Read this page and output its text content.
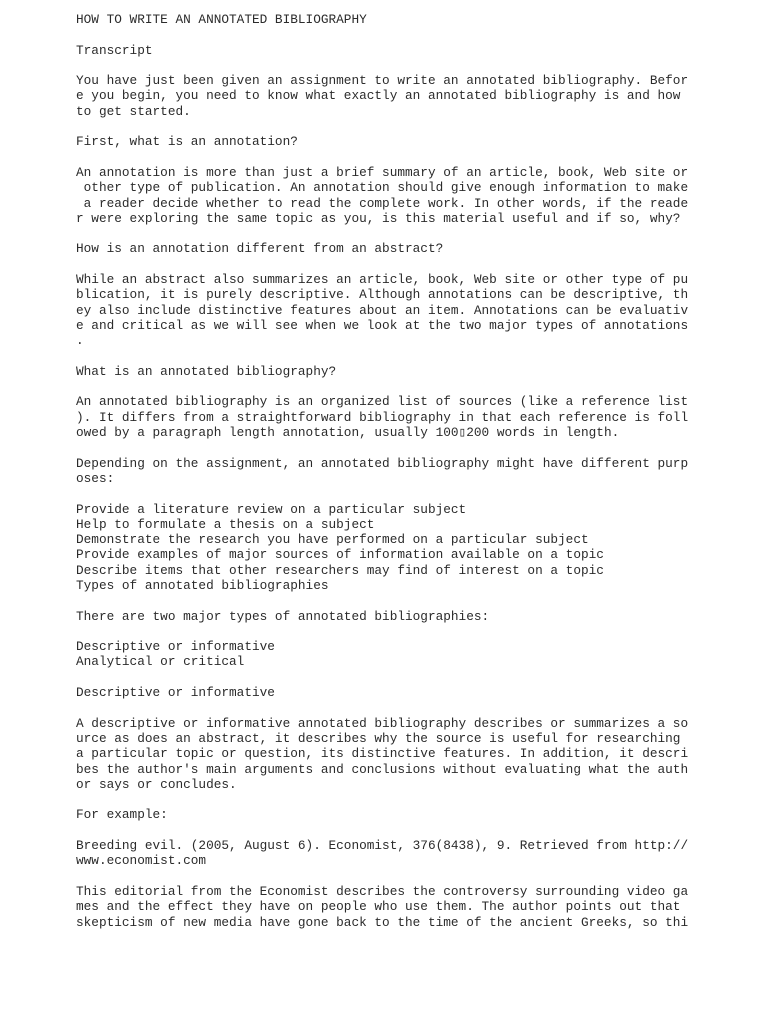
HOW TO WRITE AN ANNOTATED BIBLIOGRAPHY
Transcript
You have just been given an assignment to write an annotated bibliography. Befor
e you begin, you need to know what exactly an annotated bibliography is and how
to get started.
First, what is an annotation?
An annotation is more than just a brief summary of an article, book, Web site or
other type of publication. An annotation should give enough information to make
a reader decide whether to read the complete work. In other words, if the reade
r were exploring the same topic as you, is this material useful and if so, why?
How is an annotation different from an abstract?
While an abstract also summarizes an article, book, Web site or other type of pu
blication, it is purely descriptive. Although annotations can be descriptive, th
ey also include distinctive features about an item. Annotations can be evaluativ
e and critical as we will see when we look at the two major types of annotations
.
What is an annotated bibliography?
An annotated bibliography is an organized list of sources (like a reference list
). It differs from a straightforward bibliography in that each reference is foll
owed by a paragraph length annotation, usually 100▯200 words in length.
Depending on the assignment, an annotated bibliography might have different purp
oses:
Provide a literature review on a particular subject
Help to formulate a thesis on a subject
Demonstrate the research you have performed on a particular subject
Provide examples of major sources of information available on a topic
Describe items that other researchers may find of interest on a topic
Types of annotated bibliographies
There are two major types of annotated bibliographies:
Descriptive or informative
Analytical or critical
Descriptive or informative
A descriptive or informative annotated bibliography describes or summarizes a so
urce as does an abstract, it describes why the source is useful for researching
a particular topic or question, its distinctive features. In addition, it descri
bes the author's main arguments and conclusions without evaluating what the auth
or says or concludes.
For example:
Breeding evil. (2005, August 6). Economist, 376(8438), 9. Retrieved from http://
www.economist.com
This editorial from the Economist describes the controversy surrounding video ga
mes and the effect they have on people who use them. The author points out that
skepticism of new media have gone back to the time of the ancient Greeks, so thi
